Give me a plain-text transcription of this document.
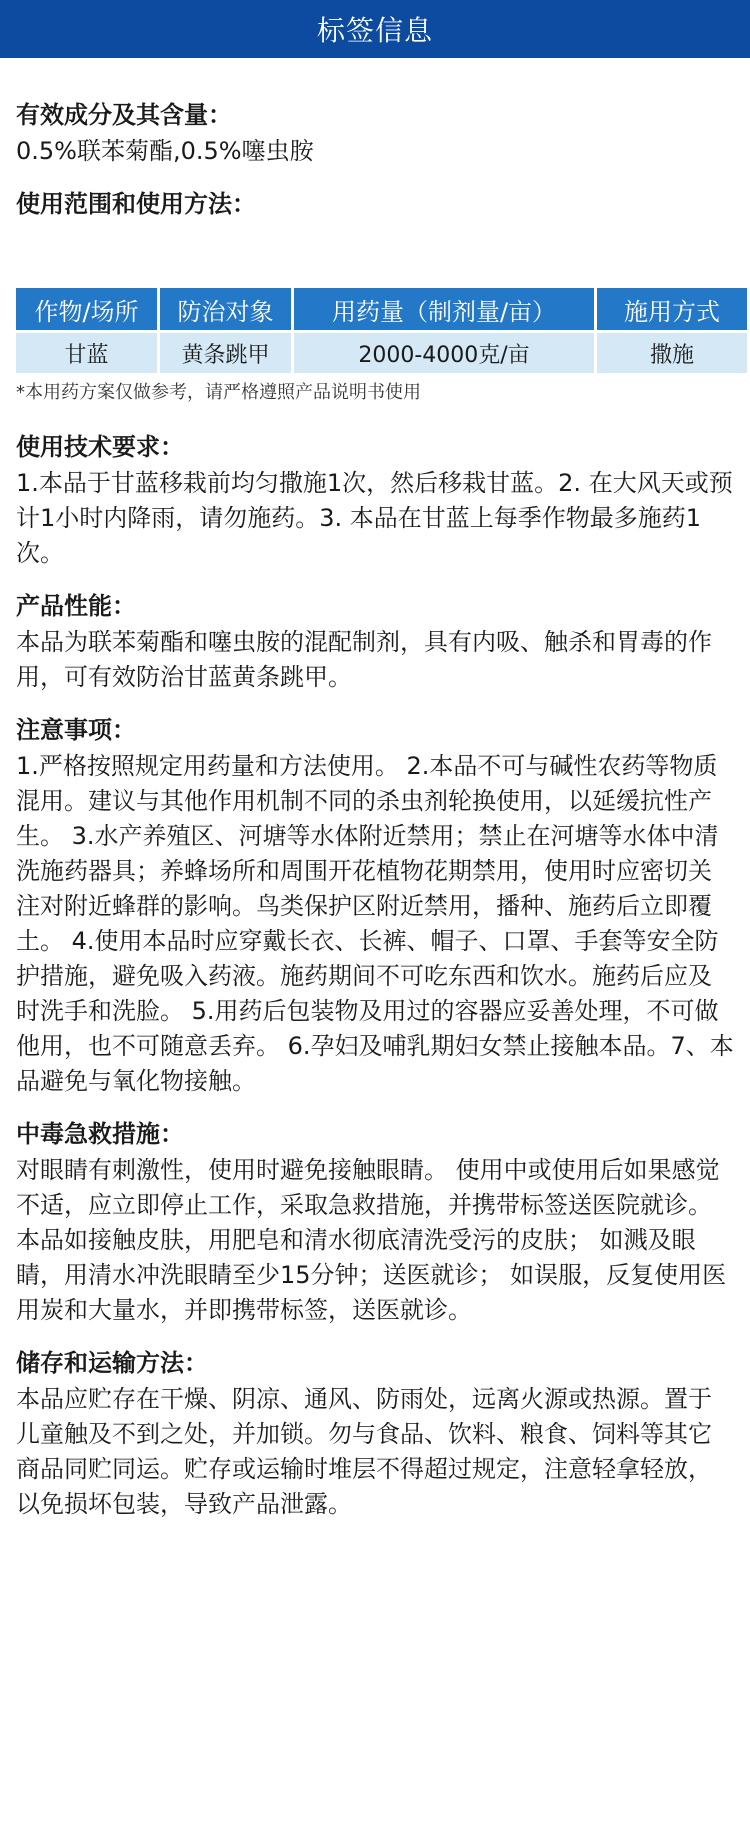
标签信息
有效成分及其含量：
0.5%联苯菊酯,0.5%噻虫胺
使用范围和使用方法：
作物/场所	防治对象	用药量（制剂量/亩）	施用方式
甘蓝	黄条跳甲	2000-4000克/亩	撒施
*本用药方案仅做参考，请严格遵照产品说明书使用
使用技术要求：
1.本品于甘蓝移栽前均匀撒施1次，然后移栽甘蓝。2. 在大风天或预计1小时内降雨，请勿施药。3. 本品在甘蓝上每季作物最多施药1次。
产品性能：
本品为联苯菊酯和噻虫胺的混配制剂，具有内吸、触杀和胃毒的作用，可有效防治甘蓝黄条跳甲。
注意事项：
1.严格按照规定用药量和方法使用。 2.本品不可与碱性农药等物质混用。建议与其他作用机制不同的杀虫剂轮换使用，以延缓抗性产生。 3.水产养殖区、河塘等水体附近禁用；禁止在河塘等水体中清洗施药器具；养蜂场所和周围开花植物花期禁用，使用时应密切关注对附近蜂群的影响。鸟类保护区附近禁用，播种、施药后立即覆土。 4.使用本品时应穿戴长衣、长裤、帽子、口罩、手套等安全防护措施，避免吸入药液。施药期间不可吃东西和饮水。施药后应及时洗手和洗脸。 5.用药后包装物及用过的容器应妥善处理，不可做他用，也不可随意丢弃。 6.孕妇及哺乳期妇女禁止接触本品。7、本品避免与氧化物接触。
中毒急救措施：
对眼睛有刺激性，使用时避免接触眼睛。 使用中或使用后如果感觉不适，应立即停止工作，采取急救措施，并携带标签送医院就诊。 本品如接触皮肤，用肥皂和清水彻底清洗受污的皮肤； 如溅及眼睛，用清水冲洗眼睛至少15分钟；送医就诊； 如误服，反复使用医用炭和大量水，并即携带标签，送医就诊。
储存和运输方法：
本品应贮存在干燥、阴凉、通风、防雨处，远离火源或热源。置于儿童触及不到之处，并加锁。勿与食品、饮料、粮食、饲料等其它商品同贮同运。贮存或运输时堆层不得超过规定，注意轻拿轻放，以免损坏包装，导致产品泄露。
